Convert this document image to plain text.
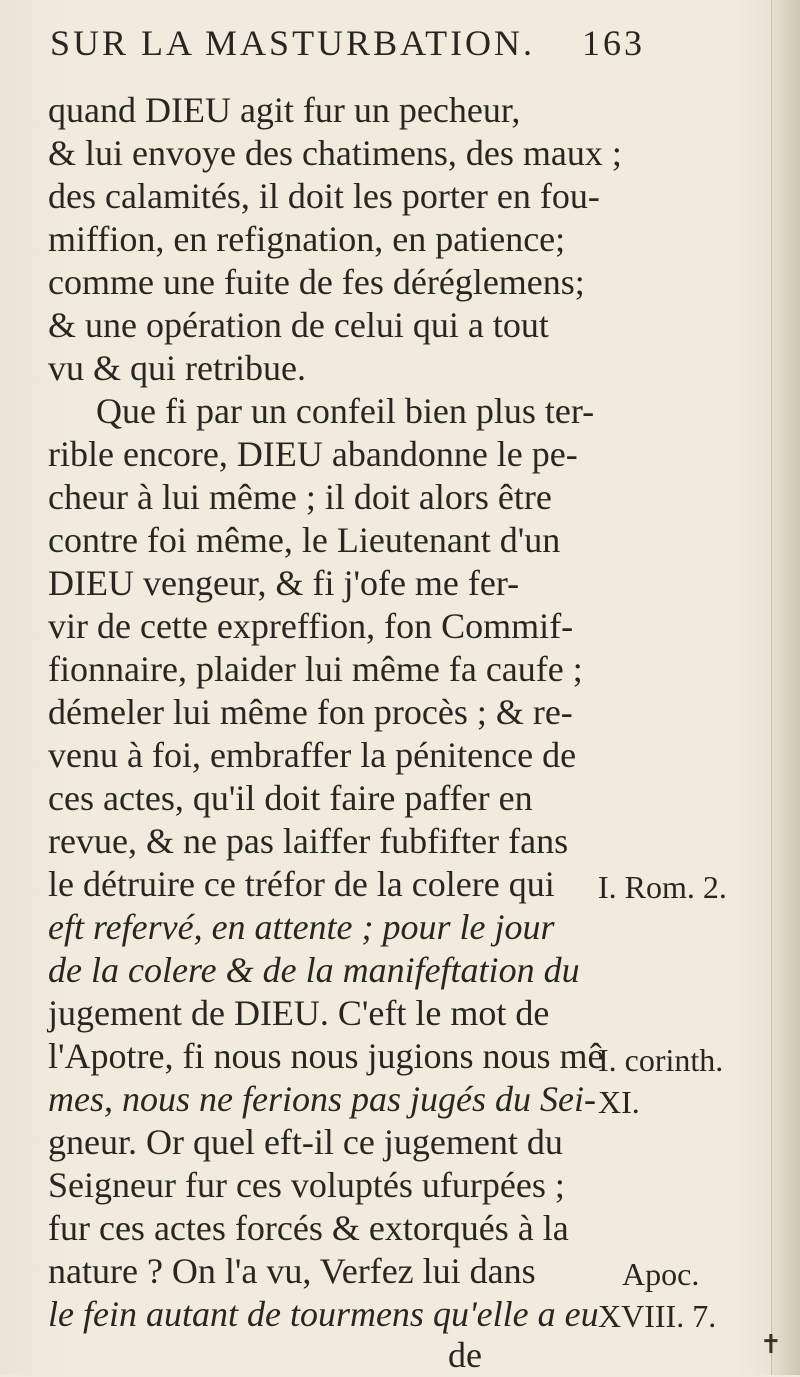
SUR LA MASTURBATION. 163
quand DIEU agit fur un pecheur,
& lui envoye des chatimens, des maux ;
des calamités, il doit les porter en fou-
miffion, en refignation, en patience;
comme une fuite de fes déréglemens;
& une opération de celui qui a tout
vu & qui retribue.
Que fi par un confeil bien plus ter-
rible encore, DIEU abandonne le pe-
cheur à lui même ; il doit alors être
contre foi même, le Lieutenant d'un
DIEU vengeur, & fi j'ofe me fer-
vir de cette expreffion, fon Commif-
fionnaire, plaider lui même fa caufe ;
démeler lui même fon procès ; & re-
venu à foi, embraffer la pénitence de
ces actes, qu'il doit faire paffer en
revue, & ne pas laiffer fubfifter fans
le détruire ce tréfor de la colere qui
eft refervé, en attente ; pour le jour
de la colere & de la manifeftation du
jugement de DIEU. C'eft le mot de
l'Apotre, fi nous nous jugions nous mê
mes, nous ne ferions pas jugés du Sei-
gneur. Or quel eft-il ce jugement du
Seigneur fur ces voluptés ufurpées ;
fur ces actes forcés & extorqués à la
nature ? On l'a vu, Verfez lui dans
le fein autant de tourmens qu'elle a eu
de
I. Rom. 2.
I. corinth.
XI.
Apoc.
XVIII. 7.
✝
